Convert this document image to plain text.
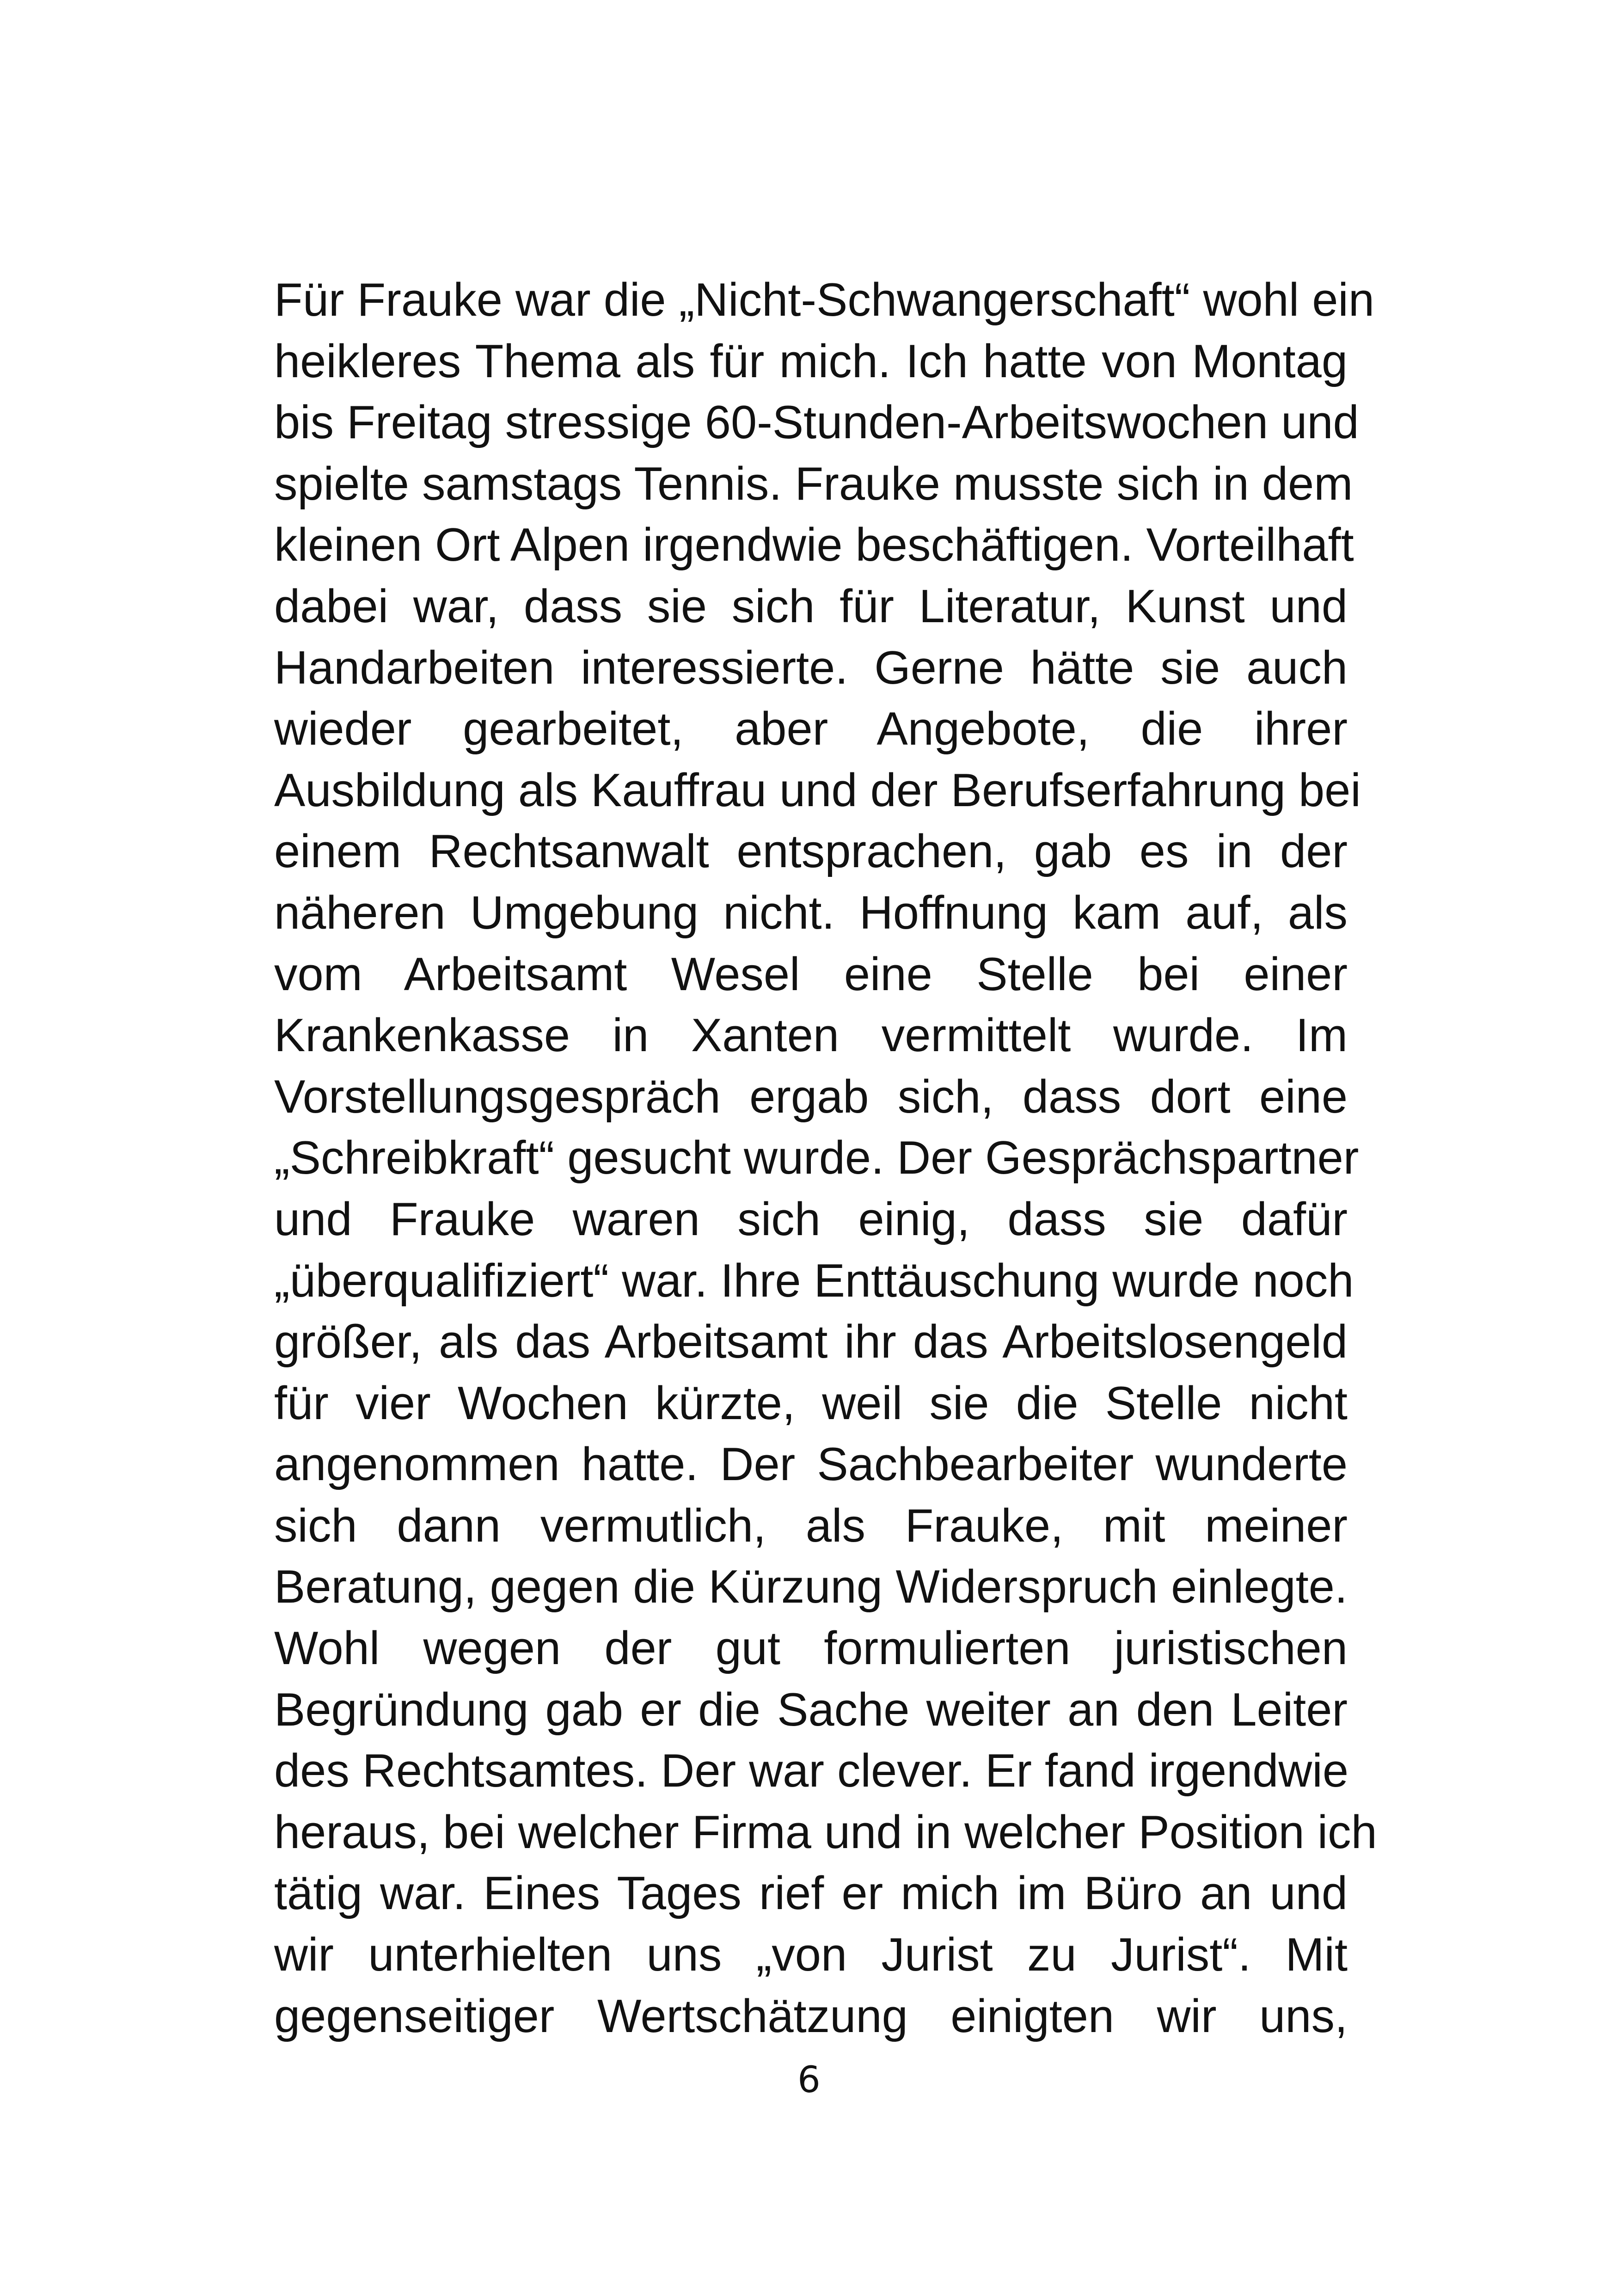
Für Frauke war die „Nicht-Schwangerschaft“ wohl ein
heikleres Thema als für mich. Ich hatte von Montag
bis Freitag stressige 60-Stunden-Arbeitswochen und
spielte samstags Tennis. Frauke musste sich in dem
kleinen Ort Alpen irgendwie beschäftigen. Vorteilhaft
dabei war, dass sie sich für Literatur, Kunst und
Handarbeiten interessierte. Gerne hätte sie auch
wieder gearbeitet, aber Angebote, die ihrer
Ausbildung als Kauffrau und der Berufserfahrung bei
einem Rechtsanwalt entsprachen, gab es in der
näheren Umgebung nicht. Hoffnung kam auf, als
vom Arbeitsamt Wesel eine Stelle bei einer
Krankenkasse in Xanten vermittelt wurde. Im
Vorstellungsgespräch ergab sich, dass dort eine
„Schreibkraft“ gesucht wurde. Der Gesprächspartner
und Frauke waren sich einig, dass sie dafür
„überqualifiziert“ war. Ihre Enttäuschung wurde noch
größer, als das Arbeitsamt ihr das Arbeitslosengeld
für vier Wochen kürzte, weil sie die Stelle nicht
angenommen hatte. Der Sachbearbeiter wunderte
sich dann vermutlich, als Frauke, mit meiner
Beratung, gegen die Kürzung Widerspruch einlegte.
Wohl wegen der gut formulierten juristischen
Begründung gab er die Sache weiter an den Leiter
des Rechtsamtes. Der war clever. Er fand irgendwie
heraus, bei welcher Firma und in welcher Position ich
tätig war. Eines Tages rief er mich im Büro an und
wir unterhielten uns „von Jurist zu Jurist“. Mit
gegenseitiger Wertschätzung einigten wir uns,
6
